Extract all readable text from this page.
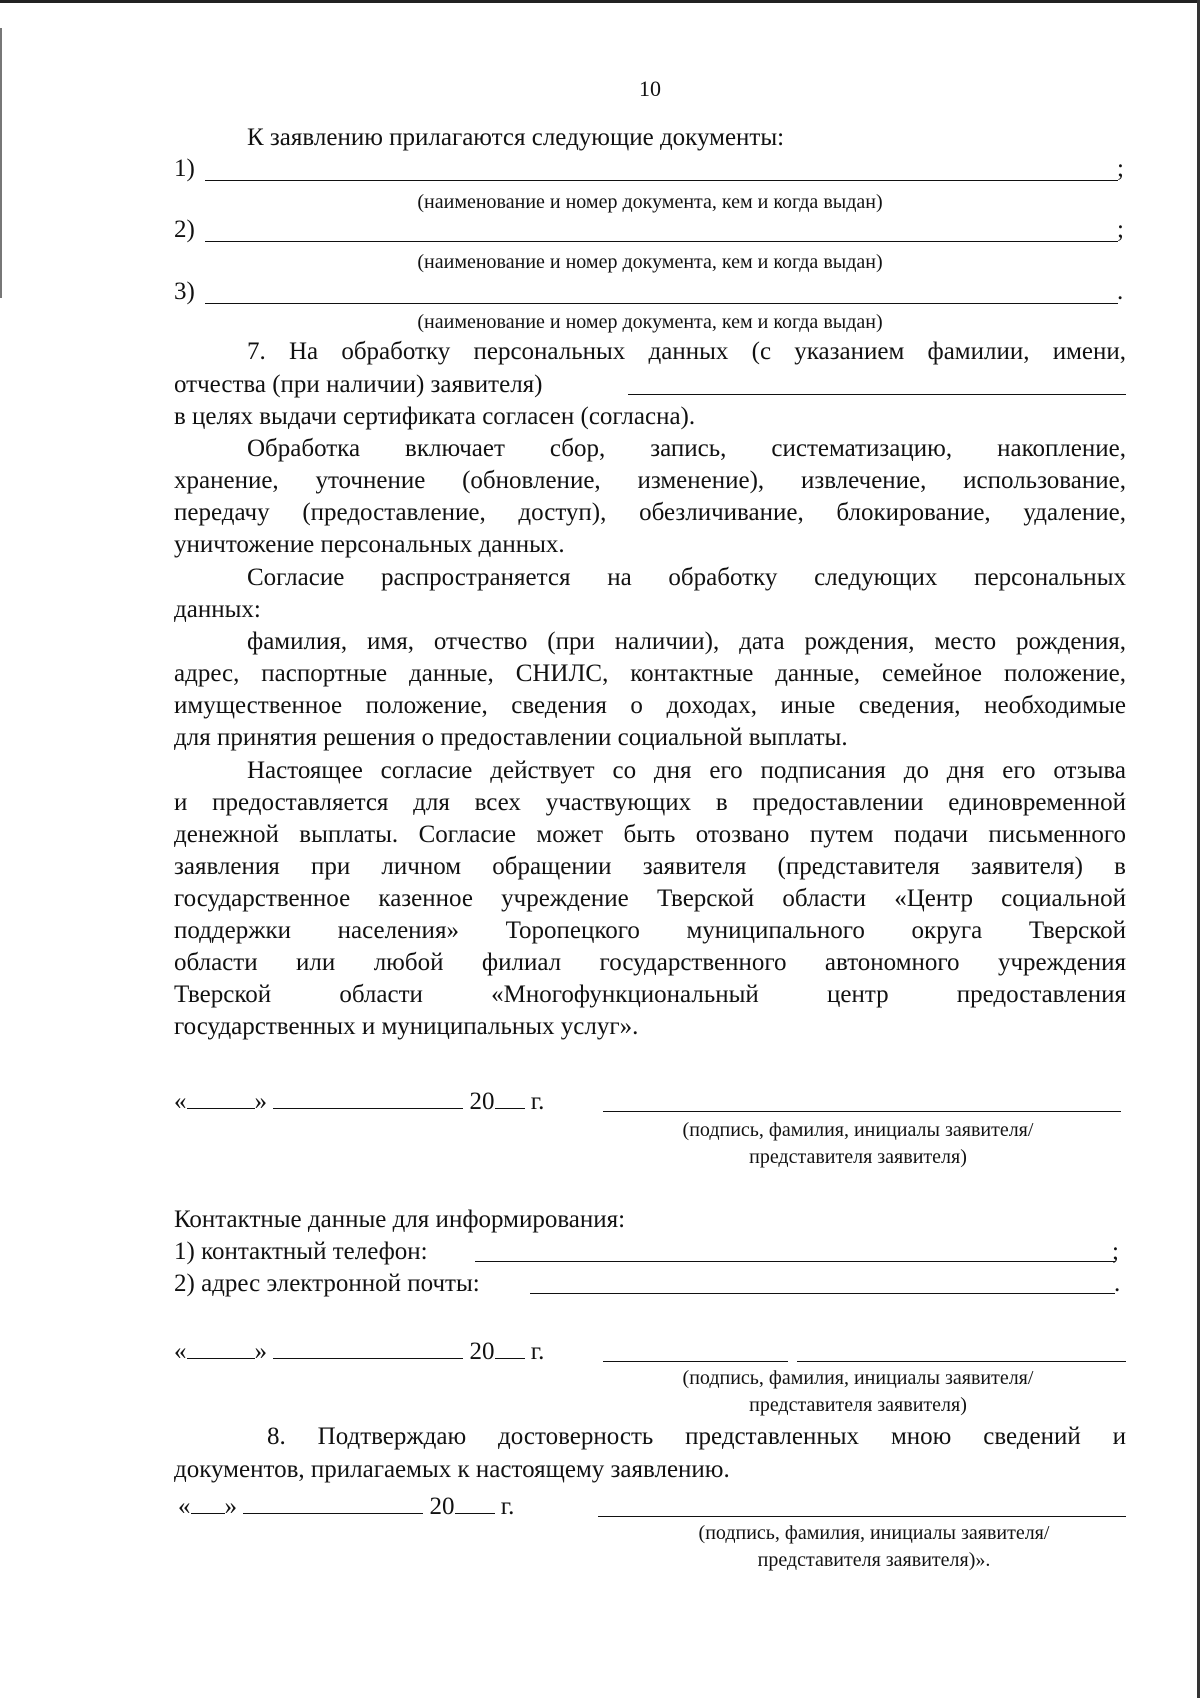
10
К заявлению прилагаются следующие документы:
1)	;
(наименование и номер документа, кем и когда выдан)
2)	;
(наименование и номер документа, кем и когда выдан)
3)	.
(наименование и номер документа, кем и когда выдан)
7. На обработку персональных данных (с указанием фамилии, имени,
отчества (при наличии) заявителя)
в целях выдачи сертификата согласен (согласна).
Обработка включает сбор, запись, систематизацию, накопление,
хранение, уточнение (обновление, изменение), извлечение, использование,
передачу (предоставление, доступ), обезличивание, блокирование, удаление,
уничтожение персональных данных.
Согласие распространяется на обработку следующих персональных
данных:
фамилия, имя, отчество (при наличии), дата рождения, место рождения,
адрес, паспортные данные, СНИЛС, контактные данные, семейное положение,
имущественное положение, сведения о доходах, иные сведения, необходимые
для принятия решения о предоставлении социальной выплаты.
Настоящее согласие действует со дня его подписания до дня его отзыва
и предоставляется для всех участвующих в предоставлении единовременной
денежной выплаты. Согласие может быть отозвано путем подачи письменного
заявления при личном обращении заявителя (представителя заявителя) в
государственное казенное учреждение Тверской области «Центр социальной
поддержки населения» Торопецкого муниципального округа Тверской
области или любой филиал государственного автономного учреждения
Тверской области «Многофункциональный центр предоставления
государственных и муниципальных услуг».
«	»	20 г.
(подпись, фамилия, инициалы заявителя/
представителя заявителя)
Контактные данные для информирования:
1) контактный телефон:	;
2) адрес электронной почты:	.
«	»	20 г.
(подпись, фамилия, инициалы заявителя/
представителя заявителя)
8. Подтверждаю достоверность представленных мною сведений и
документов, прилагаемых к настоящему заявлению.
« »	20 г.
(подпись, фамилия, инициалы заявителя/
представителя заявителя)».
